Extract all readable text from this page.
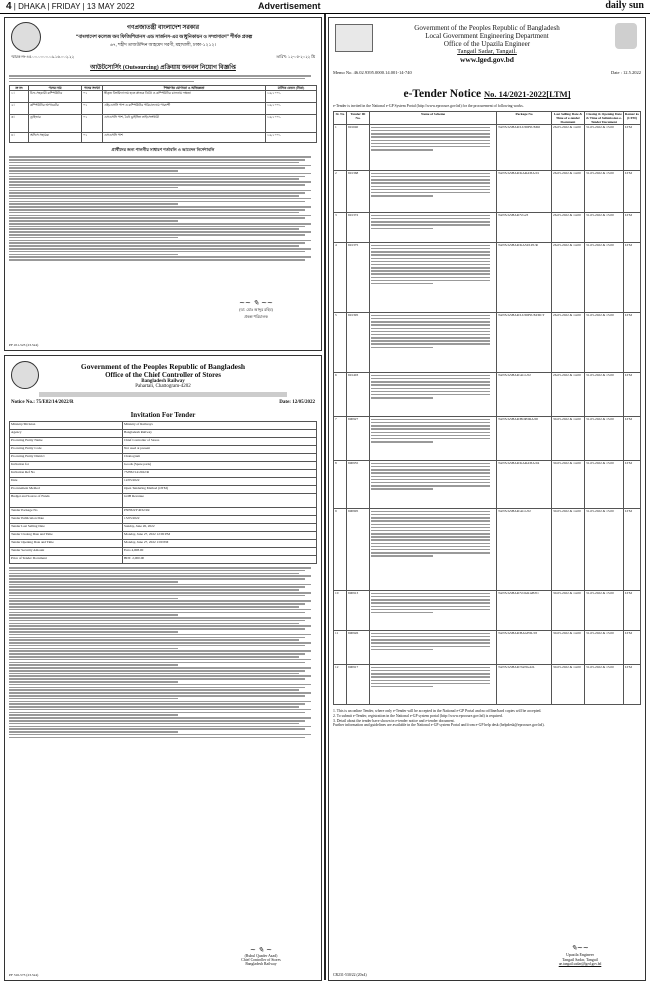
4 | DHAKA | FRIDAY | 13 MAY 2022	Advertisement	daily sun
গণপ্রজাতন্ত্রী বাংলাদেশ সরকার
“বাংলাদেশ কলেজ অব ফিজিশিয়ানস এন্ড সার্জনস-এর আধুনিকায়ন ও সম্প্রসারণ” শীর্ষক প্রকল্প
৬৭, শহীদ তাজউদ্দিন আহমেদ সরণী, মহাখালী, ঢাকা-১২১২।
স্মারক নং-৪৫.০০.০০০০.০৯.১৬.০০২.২২	তারিখ: ১২-০৫-২০২২ খ্রি
আউটসোর্সিং (Outsourcing) প্রক্রিয়ায় জনবল নিয়োগ বিজ্ঞপ্তি
ক্র নং	পদের নাম	পদের সংখ্যা	শিক্ষাগত যোগ্যতা ও অভিজ্ঞতা	মাসিক বেতন (টাকা)
১।	চিফ-সহকারী কম্পিউটার	০১	স্বীকৃত বিশ্ববিদ্যালয় হতে স্নাতক ডিগ্রি ও কম্পিউটার চালনায় দক্ষতা	১৬,১০০/-
২।	কম্পিউটার অপারেটর	০১	এইচএসসি পাশ ও কম্পিউটার পরিচালনায় পারদর্শী	১৬,১০০/-
৩।	ড্রাইভার	০১	এসএসসি পাশ, বৈধ ড্রাইভিং লাইসেন্সধারী	১৬,১০০/-
৪।	অফিস সহায়ক	০১	এসএসসি পাশ	১৬,১০০/-
প্রার্থীদের জন্য পালনীয় সাধারণ শর্তাবলি ও আবেদন নির্দেশাবলি
~~ ✎ ~~
(ডা. মোঃ আব্দুর রহিম)
প্রকল্প পরিচালক
PF 451-523 (23.5x4)
Government of the Peoples Republic of Bangladesh
Office of the Chief Controller of Stores
Bangladesh Railway
Pahartali, Chattogram-4202
Notice No.: 75/E82/14/2022/R	Date: 12/05/2022
Invitation For Tender
Ministry/Division	Ministry of Railways
Agency	Bangladesh Railway
Procuring Entity Name	Chief Controller of Stores
Procuring Entity Code	Not used at present
Procuring Entity District	Chattogram
Invitation for	Goods (Spare parts)
Invitation Ref No	75/E82/14/2022/R
Date	12/05/2022
Procurement Method	Open Tendering Method (OTM)
Budget and Source of Funds	GOB Revenue
Tender Package No	PNE822Y4032/2R
Tender Publication Date	15/05/2022
Tender Last Selling Date	Sunday, June 26, 2022
Tender Closing Date and Time	Monday, June 27, 2022 12:00 PM
Tender Opening Date and Time	Monday, June 27, 2022 1:00 PM
Tender Security Amount	Euro 4,008.00
Price of Tender Document	BDT. 2,000.00
~ ✎ ~
(Ruhul Quader Azad)
Chief Controller of Stores
Bangladesh Railway
PF 316-573 (23.5x4)
Government of the Peoples Republic of Bangladesh
Local Government Engineering Department
Office of the Upazila Engineer
Tangail Sadar, Tangail.
www.lged.gov.bd
Memo No. 46.02.9395.0000.14.001-14-740	Date : 12.5.2022
e-Tender Notice No. 14/2021-2022[LTM]
e-Tender is invited in the National e-GP System Portal (http://www.eprocure.gov.bd) for the procurement of following works.
Sl. No	Tender ID No.	Name of Scheme	Package No	Last Selling Date & Time of e-tender Document	Closing & Opening Date & Time of Submission e-Tender Document	Remar ks (LTM)
1	691040		TANS/ASHAR/LUMPSUM02	26-05-2022 & 14.00	31-05-2022 & 15.00	LTM
2	691368		TANS/ASHAR/KARATIA/01	26-05-2022 & 14.00	31-05-2022 & 15.00	LTM
3	691372		TANS/ASHAR/VG23	26-05-2022 & 14.00	31-05-2022 & 15.00	LTM
4	691375		TANS/ASHAR/KASULPUR	26-05-2022 & 14.00	31-05-2022 & 15.00	LTM
5	691395		TANS/ASHAR/LUMPSUM/DCT	26-05-2022 & 14.00	31-05-2022 & 15.00	LTM
6	691403		TANS/ASHAR/ALL/02	26-05-2022 & 14.00	31-05-2022 & 15.00	LTM
7	690927		TANS/ASHAR/BOPORA/00	30-05-2022 & 14.00	31-05-2022 & 15.00	LTM
8	690955		TANS/ASHAR/KARATIA/04	30-05-2022 & 14.00	31-05-2022 & 15.00	LTM
9	690995		TANS/ASHAR/ALL/02	30-05-2022 & 14.00	31-05-2022 & 15.00	LTM
10	690913		TANS/ASHAR/VOGRAH/01	30-05-2022 & 14.00	31-05-2022 & 15.00	LTM
11	690926		TANS/ASHAR/BAGHIL/03	30-05-2022 & 14.00	31-05-2022 & 15.00	LTM
12	690917		TANS/ASHAR/TANGAIL	30-05-2022 & 14.00	31-05-2022 & 15.00	LTM
1. This is an online Tender, where only e-Tender will be accepted in the National e-GP Portal and no offline/hard copies will be accepted.
2. To submit e-Tender, registration in the National e-GP system portal (http://www.eprocure.gov.bd) is required.
3. Detail about the tender have shown in e-tender notice and e-tender document.
Further information and guidelines are available in the National e-GP system Portal and from e-GP help desk (helpdesk@eprocure.gov.bd).
✎~~
Upazila Engineer
Tangail Sadar, Tangail
ue.tangail.sadar@lged.gov.bd
CR231-530/22 (20x4)
